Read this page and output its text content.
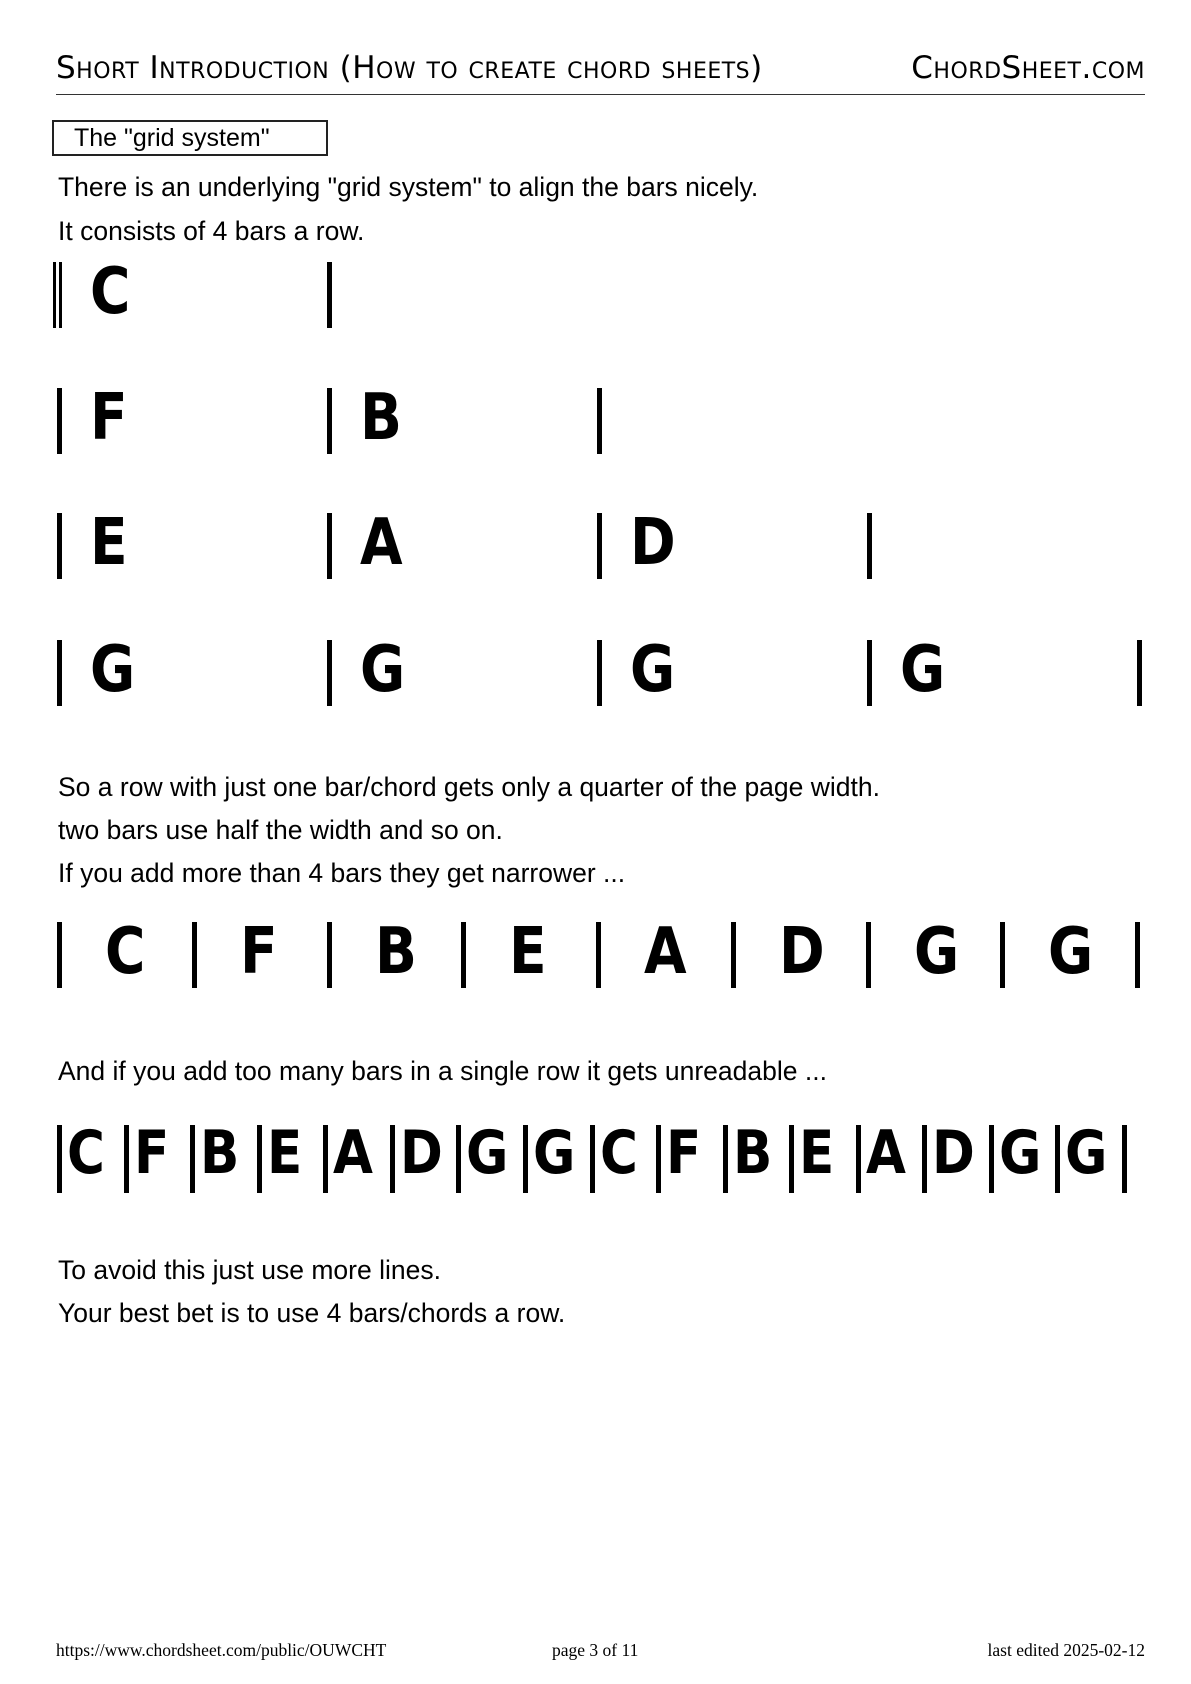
Short Introduction (How to create chord sheets)	ChordSheet.com
The "grid system"
There is an underlying "grid system" to align the bars nicely.
It consists of 4 bars a row.
C
F	B
E	A	D
G	G	G	G
So a row with just one bar/chord gets only a quarter of the page width.
two bars use half the width and so on.
If you add more than 4 bars they get narrower ...
C F B E A D G G
And if you add too many bars in a single row it gets unreadable ...
C F B E A D G G C F B E A D G G
To avoid this just use more lines.
Your best bet is to use 4 bars/chords a row.
https://www.chordsheet.com/public/OUWCHT	page 3 of 11	last edited 2025-02-12
